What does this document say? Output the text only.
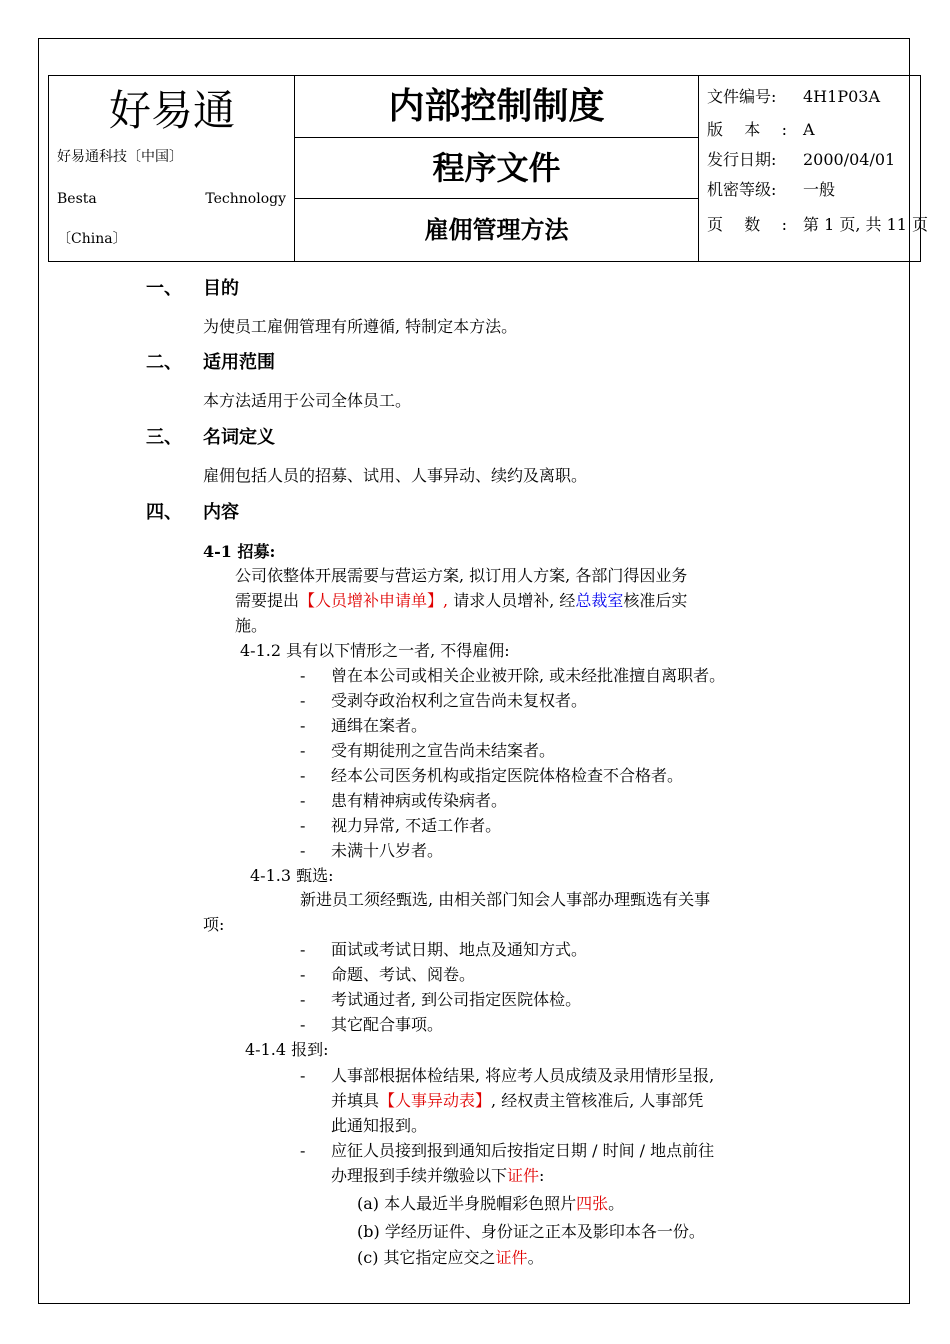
好易通
好易通科技〔中国〕
Besta	Technology
〔China〕
内部控制制度
程序文件
雇佣管理方法
文件编号: 4H1P03A
版本: A
发行日期: 2000/04/01
机密等级: 一般
页数: 第 1 页, 共 11 页
一、 目的
为使员工雇佣管理有所遵循, 特制定本方法。
二、 适用范围
本方法适用于公司全体员工。
三、 名词定义
雇佣包括人员的招募、试用、人事异动、续约及离职。
四、 内容
4-1 招募:
公司依整体开展需要与营运方案, 拟订用人方案, 各部门得因业务
需要提出【人员增补申请单】, 请求人员增补, 经总裁室核准后实
施。
4-1.2 具有以下情形之一者, 不得雇佣:
- 曾在本公司或相关企业被开除, 或未经批准擅自离职者。
- 受剥夺政治权利之宣告尚未复权者。
- 通缉在案者。
- 受有期徒刑之宣告尚未结案者。
- 经本公司医务机构或指定医院体格检查不合格者。
- 患有精神病或传染病者。
- 视力异常, 不适工作者。
- 未满十八岁者。
4-1.3 甄选:
新进员工须经甄选, 由相关部门知会人事部办理甄选有关事
项:
- 面试或考试日期、地点及通知方式。
- 命题、考试、阅卷。
- 考试通过者, 到公司指定医院体检。
- 其它配合事项。
4-1.4 报到:
- 人事部根据体检结果, 将应考人员成绩及录用情形呈报,
并填具【人事异动表】, 经权责主管核准后, 人事部凭
此通知报到。
- 应征人员接到报到通知后按指定日期 / 时间 / 地点前往
办理报到手续并缴验以下证件:
(a) 本人最近半身脱帽彩色照片四张。
(b) 学经历证件、身份证之正本及影印本各一份。
(c) 其它指定应交之证件。
